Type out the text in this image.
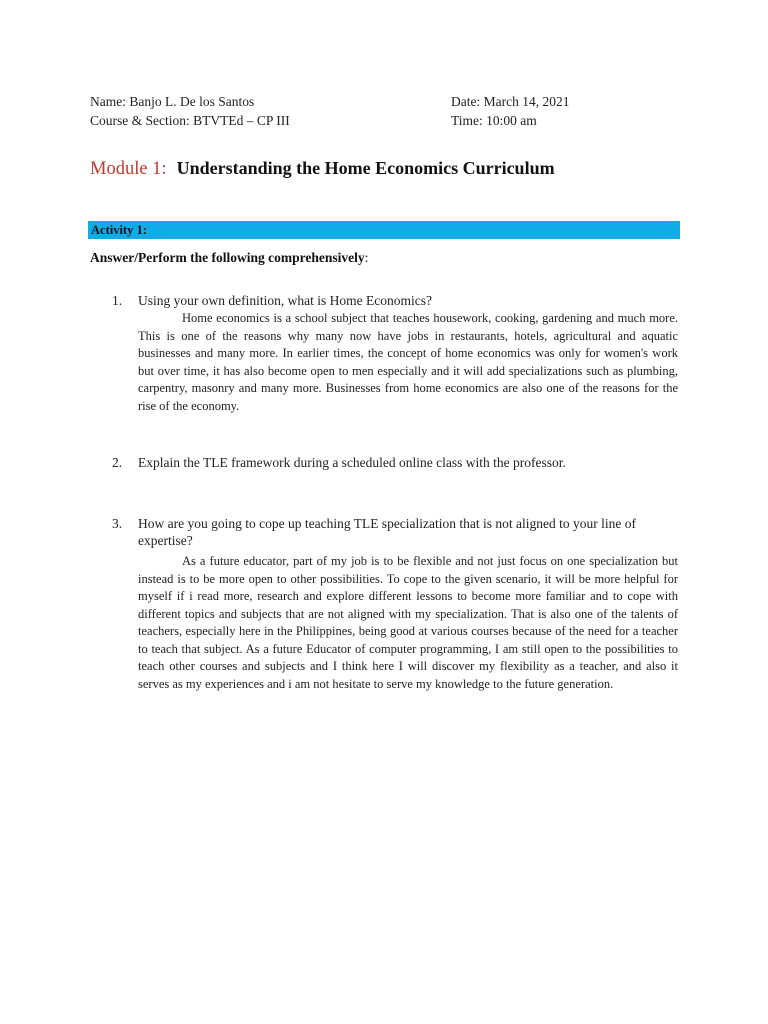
Name: Banjo L. De los Santos
Course & Section: BTVTEd – CP III
Date: March 14, 2021
Time: 10:00 am
Module 1: Understanding the Home Economics Curriculum
Activity 1:
Answer/Perform the following comprehensively:
1. Using your own definition, what is Home Economics?

Home economics is a school subject that teaches housework, cooking, gardening and much more. This is one of the reasons why many now have jobs in restaurants, hotels, agricultural and aquatic businesses and many more. In earlier times, the concept of home economics was only for women's work but over time, it has also become open to men especially and it will add specializations such as plumbing, carpentry, masonry and many more. Businesses from home economics are also one of the reasons for the rise of the economy.

2. Explain the TLE framework during a scheduled online class with the professor.
3. How are you going to cope up teaching TLE specialization that is not aligned to your line of expertise?

As a future educator, part of my job is to be flexible and not just focus on one specialization but instead is to be more open to other possibilities. To cope to the given scenario, it will be more helpful for myself if i read more, research and explore different lessons to become more familiar and to cope with different topics and subjects that are not aligned with my specialization. That is also one of the talents of teachers, especially here in the Philippines, being good at various courses because of the need for a teacher to teach that subject. As a future Educator of computer programming, I am still open to the possibilities to teach other courses and subjects and I think here I will discover my flexibility as a teacher, and also it serves as my experiences and i am not hesitate to serve my knowledge to the future generation.
